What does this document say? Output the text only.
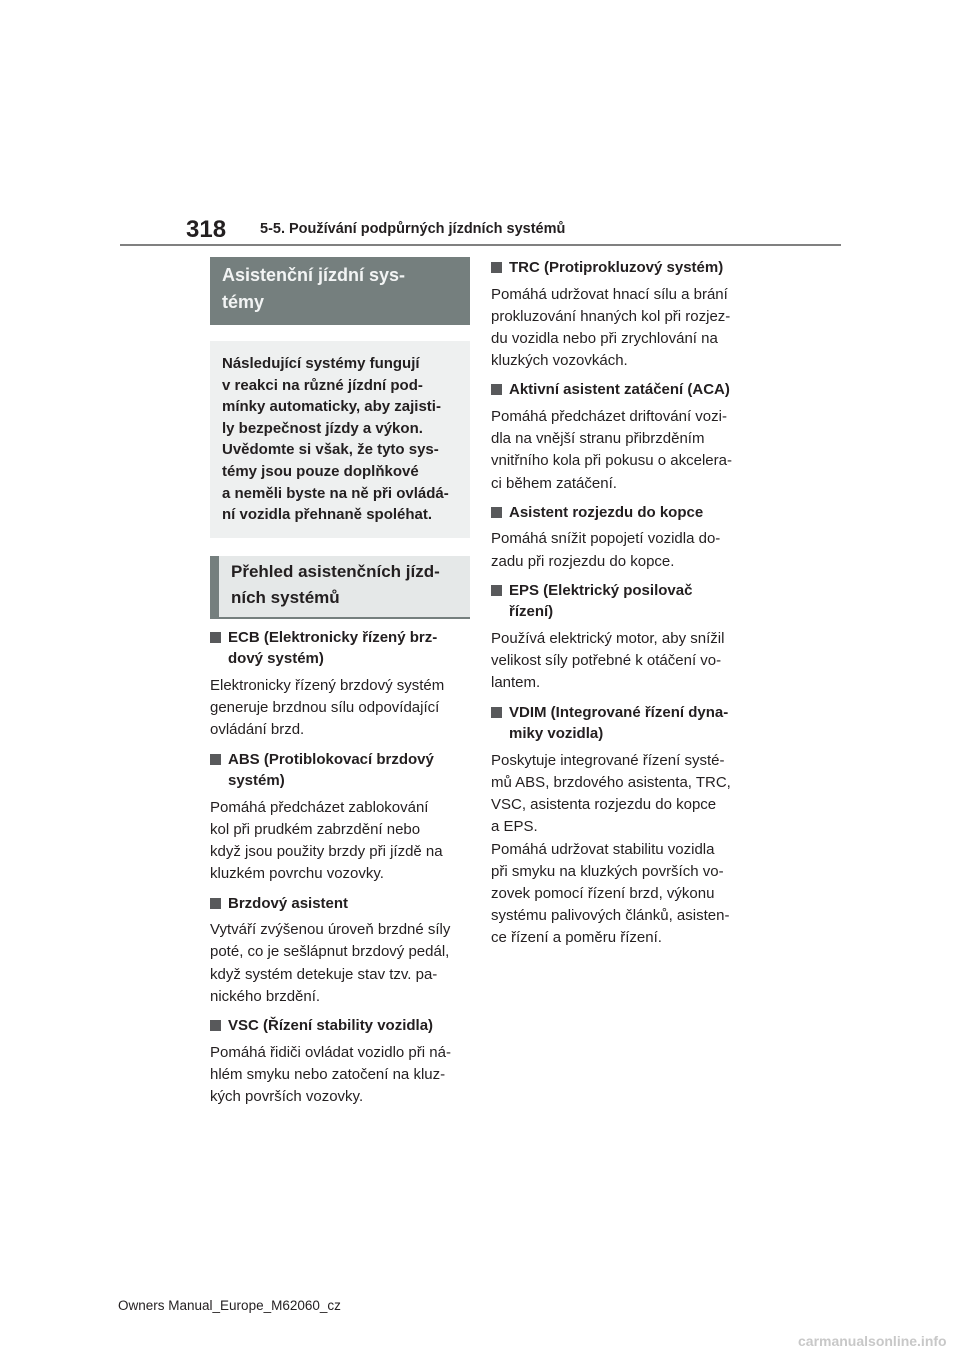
318 5-5. Používání podpůrných jízdních systémů
Asistenční jízdní sys-
témy
Následující systémy fungují
v reakci na různé jízdní pod-
mínky automaticky, aby zajisti-
ly bezpečnost jízdy a výkon.
Uvědomte si však, že tyto sys-
témy jsou pouze doplňkové
a neměli byste na ně při ovládá-
ní vozidla přehnaně spoléhat.
Přehled asistenčních jízd-
ních systémů
ECB (Elektronicky řízený brz-
dový systém)
Elektronicky řízený brzdový systém
generuje brzdnou sílu odpovídající
ovládání brzd.
ABS (Protiblokovací brzdový
systém)
Pomáhá předcházet zablokování
kol při prudkém zabrzdění nebo
když jsou použity brzdy při jízdě na
kluzkém povrchu vozovky.
Brzdový asistent
Vytváří zvýšenou úroveň brzdné síly
poté, co je sešlápnut brzdový pedál,
když systém detekuje stav tzv. pa-
nického brzdění.
VSC (Řízení stability vozidla)
Pomáhá řidiči ovládat vozidlo při ná-
hlém smyku nebo zatočení na kluz-
kých površích vozovky.
TRC (Protiprokluzový systém)
Pomáhá udržovat hnací sílu a brání
prokluzování hnaných kol při rozjez-
du vozidla nebo při zrychlování na
kluzkých vozovkách.
Aktivní asistent zatáčení (ACA)
Pomáhá předcházet driftování vozi-
dla na vnější stranu přibrzděním
vnitřního kola při pokusu o akcelera-
ci během zatáčení.
Asistent rozjezdu do kopce
Pomáhá snížit popojetí vozidla do-
zadu při rozjezdu do kopce.
EPS (Elektrický posilovač
řízení)
Používá elektrický motor, aby snížil
velikost síly potřebné k otáčení vo-
lantem.
VDIM (Integrované řízení dyna-
miky vozidla)
Poskytuje integrované řízení systé-
mů ABS, brzdového asistenta, TRC,
VSC, asistenta rozjezdu do kopce
a EPS.
Pomáhá udržovat stabilitu vozidla
při smyku na kluzkých površích vo-
zovek pomocí řízení brzd, výkonu
systému palivových článků, asisten-
ce řízení a poměru řízení.
Owners Manual_Europe_M62060_cz
carmanualsonline.info
